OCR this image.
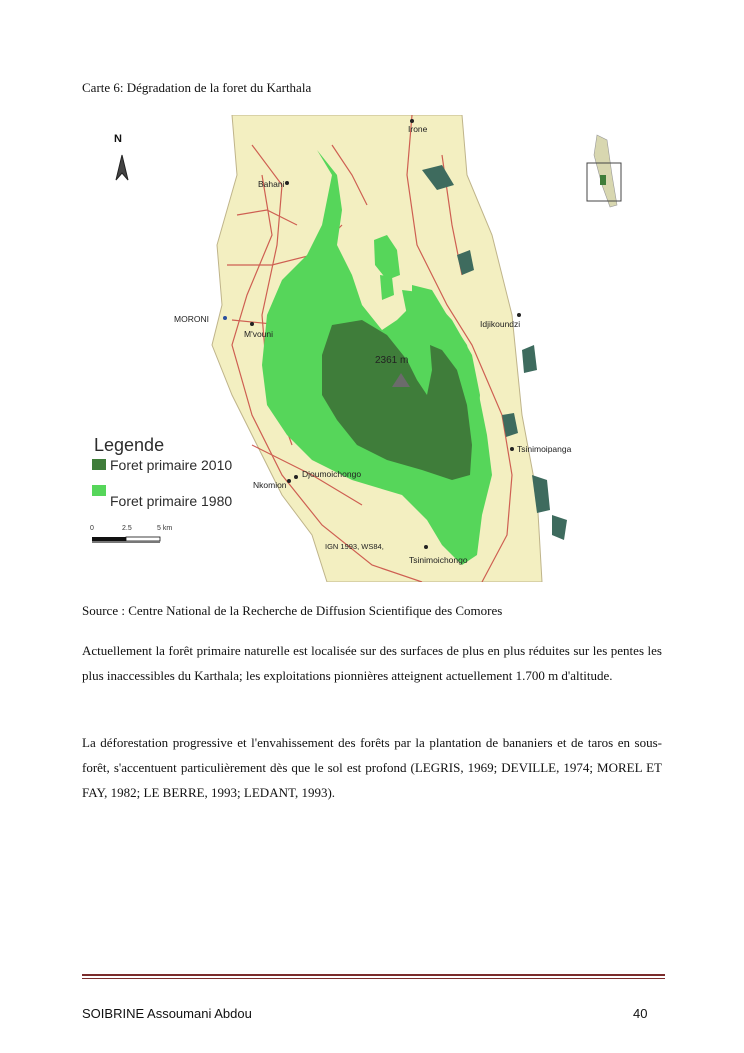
Carte 6: Dégradation de la foret du Karthala
N
Irone
Bahani
MORONI
M'vouni
Idjikoundzi
2361 m
Tsinimoipanga
Djoumoichongo
Nkomion
Tsinimoichongo
IGN 1993, WS84,
Legende
Foret primaire 2010
Foret primaire 1980
0	2.5	5 km
Source : Centre National de la Recherche de Diffusion Scientifique des Comores

Actuellement la forêt primaire naturelle est localisée sur des surfaces de plus en plus réduites sur les pentes les plus inaccessibles du Karthala; les exploitations pionnières atteignent actuellement 1.700 m d'altitude.

La déforestation progressive et l'envahissement des forêts par la plantation de bananiers et de taros en sous-forêt, s'accentuent particulièrement dès que le sol est profond (LEGRIS, 1969; DEVILLE, 1974; MOREL ET FAY, 1982; LE BERRE, 1993; LEDANT, 1993).

SOIBRINE Assoumani Abdou	40
